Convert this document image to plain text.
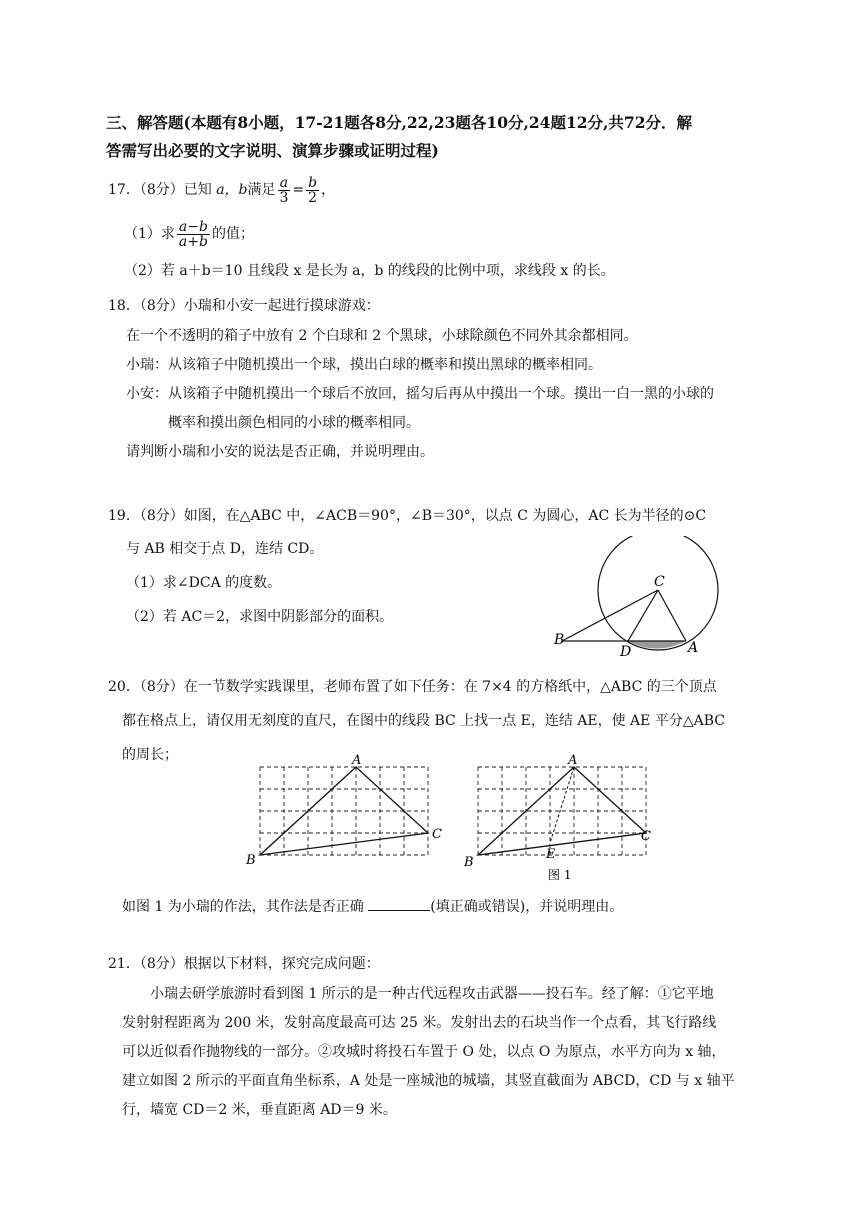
三、解答题(本题有8小题，17-21题各8分,22,23题各10分,24题12分,共72分．解
答需写出必要的文字说明、演算步骤或证明过程)
17．（8分）已知 a，b满足 $\frac{a}{3} = \frac{b}{2}$ ，
（1）求 $\frac{a-b}{a+b}$ 的值；
（2）若 a＋b＝10 且线段 x 是长为 a，b 的线段的比例中项，求线段 x 的长。
18．（8分）小瑞和小安一起进行摸球游戏：
在一个不透明的箱子中放有 2 个白球和 2 个黑球，小球除颜色不同外其余都相同。
小瑞：从该箱子中随机摸出一个球，摸出白球的概率和摸出黑球的概率相同。
小安：从该箱子中随机摸出一个球后不放回，摇匀后再从中摸出一个球。摸出一白一黑的小球的
概率和摸出颜色相同的小球的概率相同。
请判断小瑞和小安的说法是否正确，并说明理由。
19．（8分）如图，在△ABC 中，∠ACB＝90°，∠B＝30°，以点 C 为圆心，AC 长为半径的⊙C
与 AB 相交于点 D，连结 CD。
（1）求∠DCA 的度数。
（2）若 AC＝2，求图中阴影部分的面积。
C
B
D	A
20．（8分）在一节数学实践课里，老师布置了如下任务：在 7×4 的方格纸中，△ABC 的三个顶点
都在格点上，请仅用无刻度的直尺，在图中的线段 BC 上找一点 E，连结 AE，使 AE 平分△ABC
的周长；	A
B
C
A
B
C
E
图 1
如图 1 为小瑞的作法，其作法是否正确	(填正确或错误)，并说明理由。
21．（8分）根据以下材料，探究完成问题：
小瑞去研学旅游时看到图 1 所示的是一种古代远程攻击武器——投石车。经了解：①它平地
发射射程距离为 200 米，发射高度最高可达 25 米。发射出去的石块当作一个点看，其飞行路线
可以近似看作抛物线的一部分。②攻城时将投石车置于 O 处，以点 O 为原点，水平方向为 x 轴，
建立如图 2 所示的平面直角坐标系，A 处是一座城池的城墙，其竖直截面为 ABCD，CD 与 x 轴平
行，墙宽 CD＝2 米，垂直距离 AD＝9 米。
